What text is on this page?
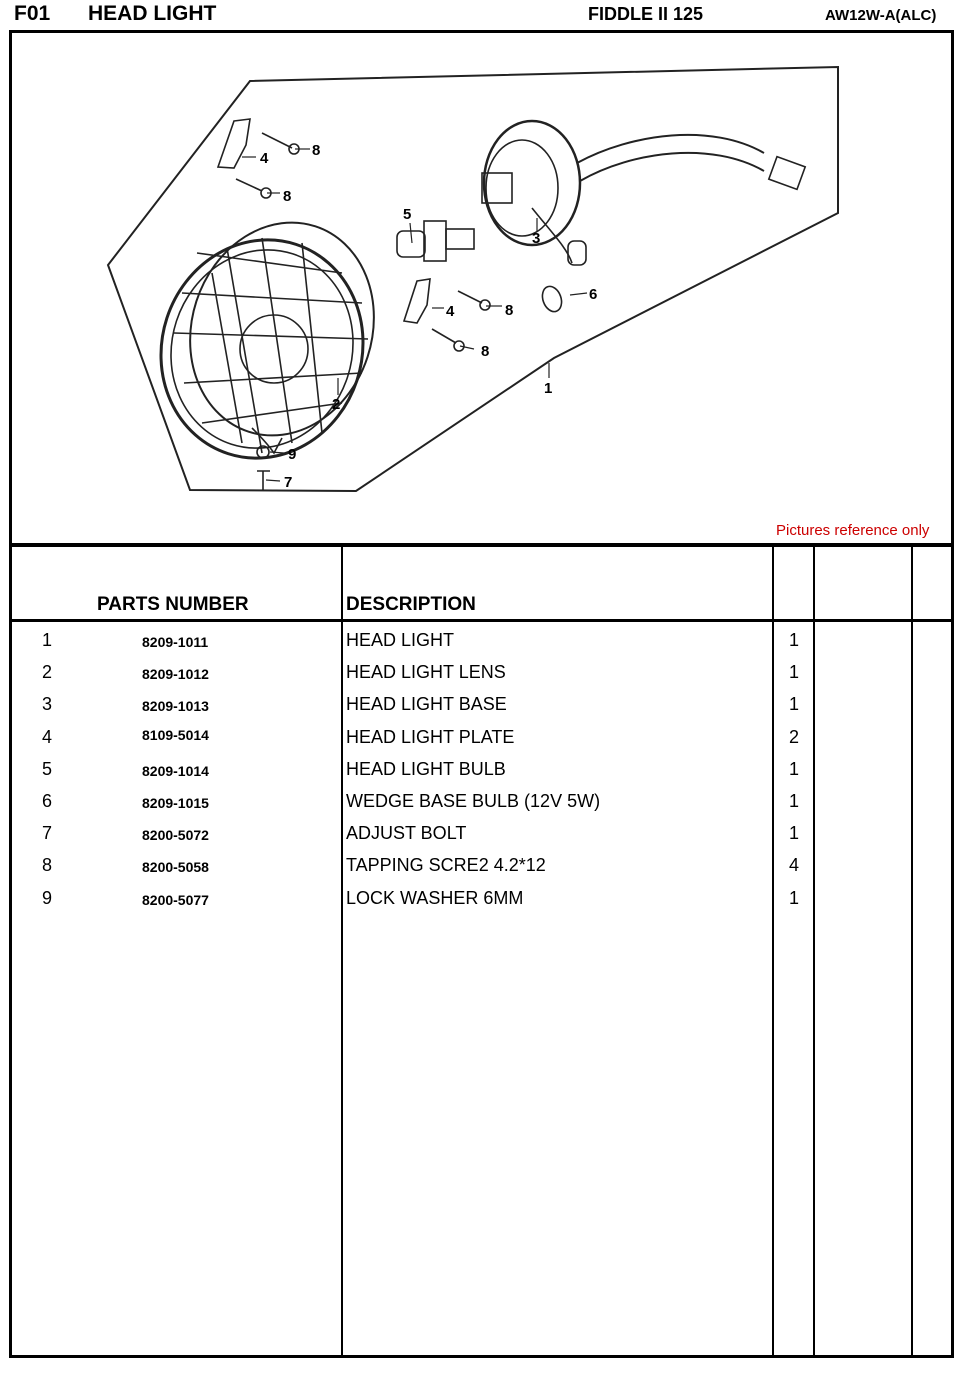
F01 HEAD LIGHT	FIDDLE II 125	AW12W-A(ALC)
8
4
8
5
3
6
4	8
8
1
2
9
7
Pictures reference only
PARTS NUMBER	DESCRIPTION
1	8209-1011	HEAD LIGHT	1
2	8209-1012	HEAD LIGHT LENS	1
3	8209-1013	HEAD LIGHT BASE	1
4	8109-5014	HEAD LIGHT PLATE	2
5	8209-1014	HEAD LIGHT BULB	1
6	8209-1015	WEDGE BASE BULB (12V 5W)	1
7	8200-5072	ADJUST BOLT	1
8	8200-5058	TAPPING SCRE2 4.2*12	4
9	8200-5077	LOCK WASHER 6MM	1
